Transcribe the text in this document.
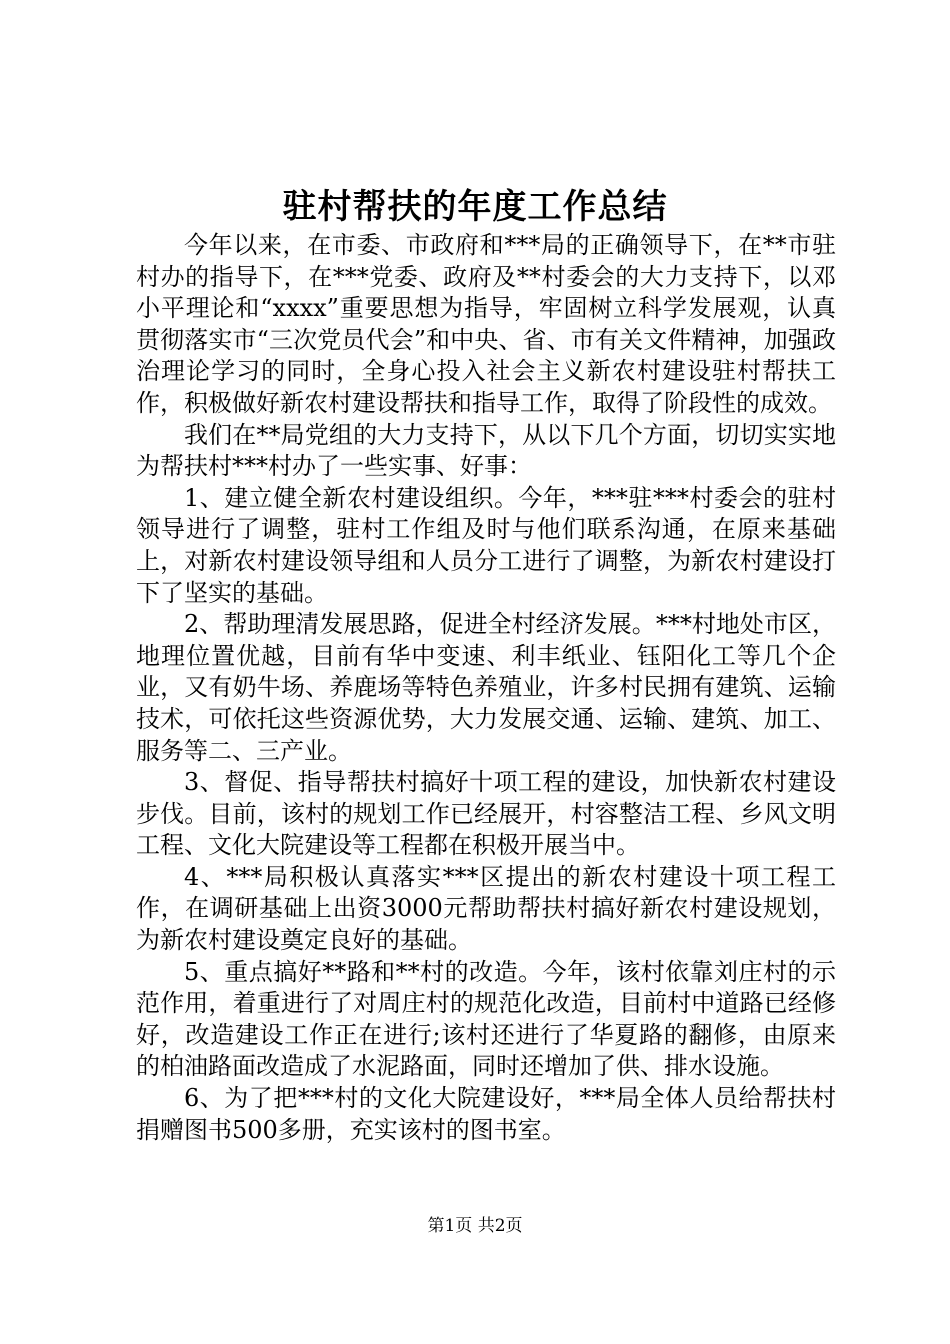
驻村帮扶的年度工作总结

今年以来，在市委、市政府和***局的正确领导下，在**市驻村办的指导下，在***党委、政府及**村委会的大力支持下，以邓小平理论和“xxxx”重要思想为指导，牢固树立科学发展观，认真贯彻落实市“三次党员代会”和中央、省、市有关文件精神，加强政治理论学习的同时，全身心投入社会主义新农村建设驻村帮扶工作，积极做好新农村建设帮扶和指导工作，取得了阶段性的成效。

我们在**局党组的大力支持下，从以下几个方面，切切实实地为帮扶村***村办了一些实事、好事：

1、建立健全新农村建设组织。今年，***驻***村委会的驻村领导进行了调整，驻村工作组及时与他们联系沟通，在原来基础上，对新农村建设领导组和人员分工进行了调整，为新农村建设打下了坚实的基础。

2、帮助理清发展思路，促进全村经济发展。***村地处市区，地理位置优越，目前有华中变速、利丰纸业、钰阳化工等几个企业，又有奶牛场、养鹿场等特色养殖业，许多村民拥有建筑、运输技术，可依托这些资源优势，大力发展交通、运输、建筑、加工、服务等二、三产业。

3、督促、指导帮扶村搞好十项工程的建设，加快新农村建设步伐。目前，该村的规划工作已经展开，村容整洁工程、乡风文明工程、文化大院建设等工程都在积极开展当中。

4、***局积极认真落实***区提出的新农村建设十项工程工作，在调研基础上出资3000元帮助帮扶村搞好新农村建设规划，为新农村建设奠定良好的基础。

5、重点搞好**路和**村的改造。今年，该村依靠刘庄村的示范作用，着重进行了对周庄村的规范化改造，目前村中道路已经修好，改造建设工作正在进行;该村还进行了华夏路的翻修，由原来的柏油路面改造成了水泥路面，同时还增加了供、排水设施。

6、为了把***村的文化大院建设好，***局全体人员给帮扶村捐赠图书500多册，充实该村的图书室。

第1页 共2页
